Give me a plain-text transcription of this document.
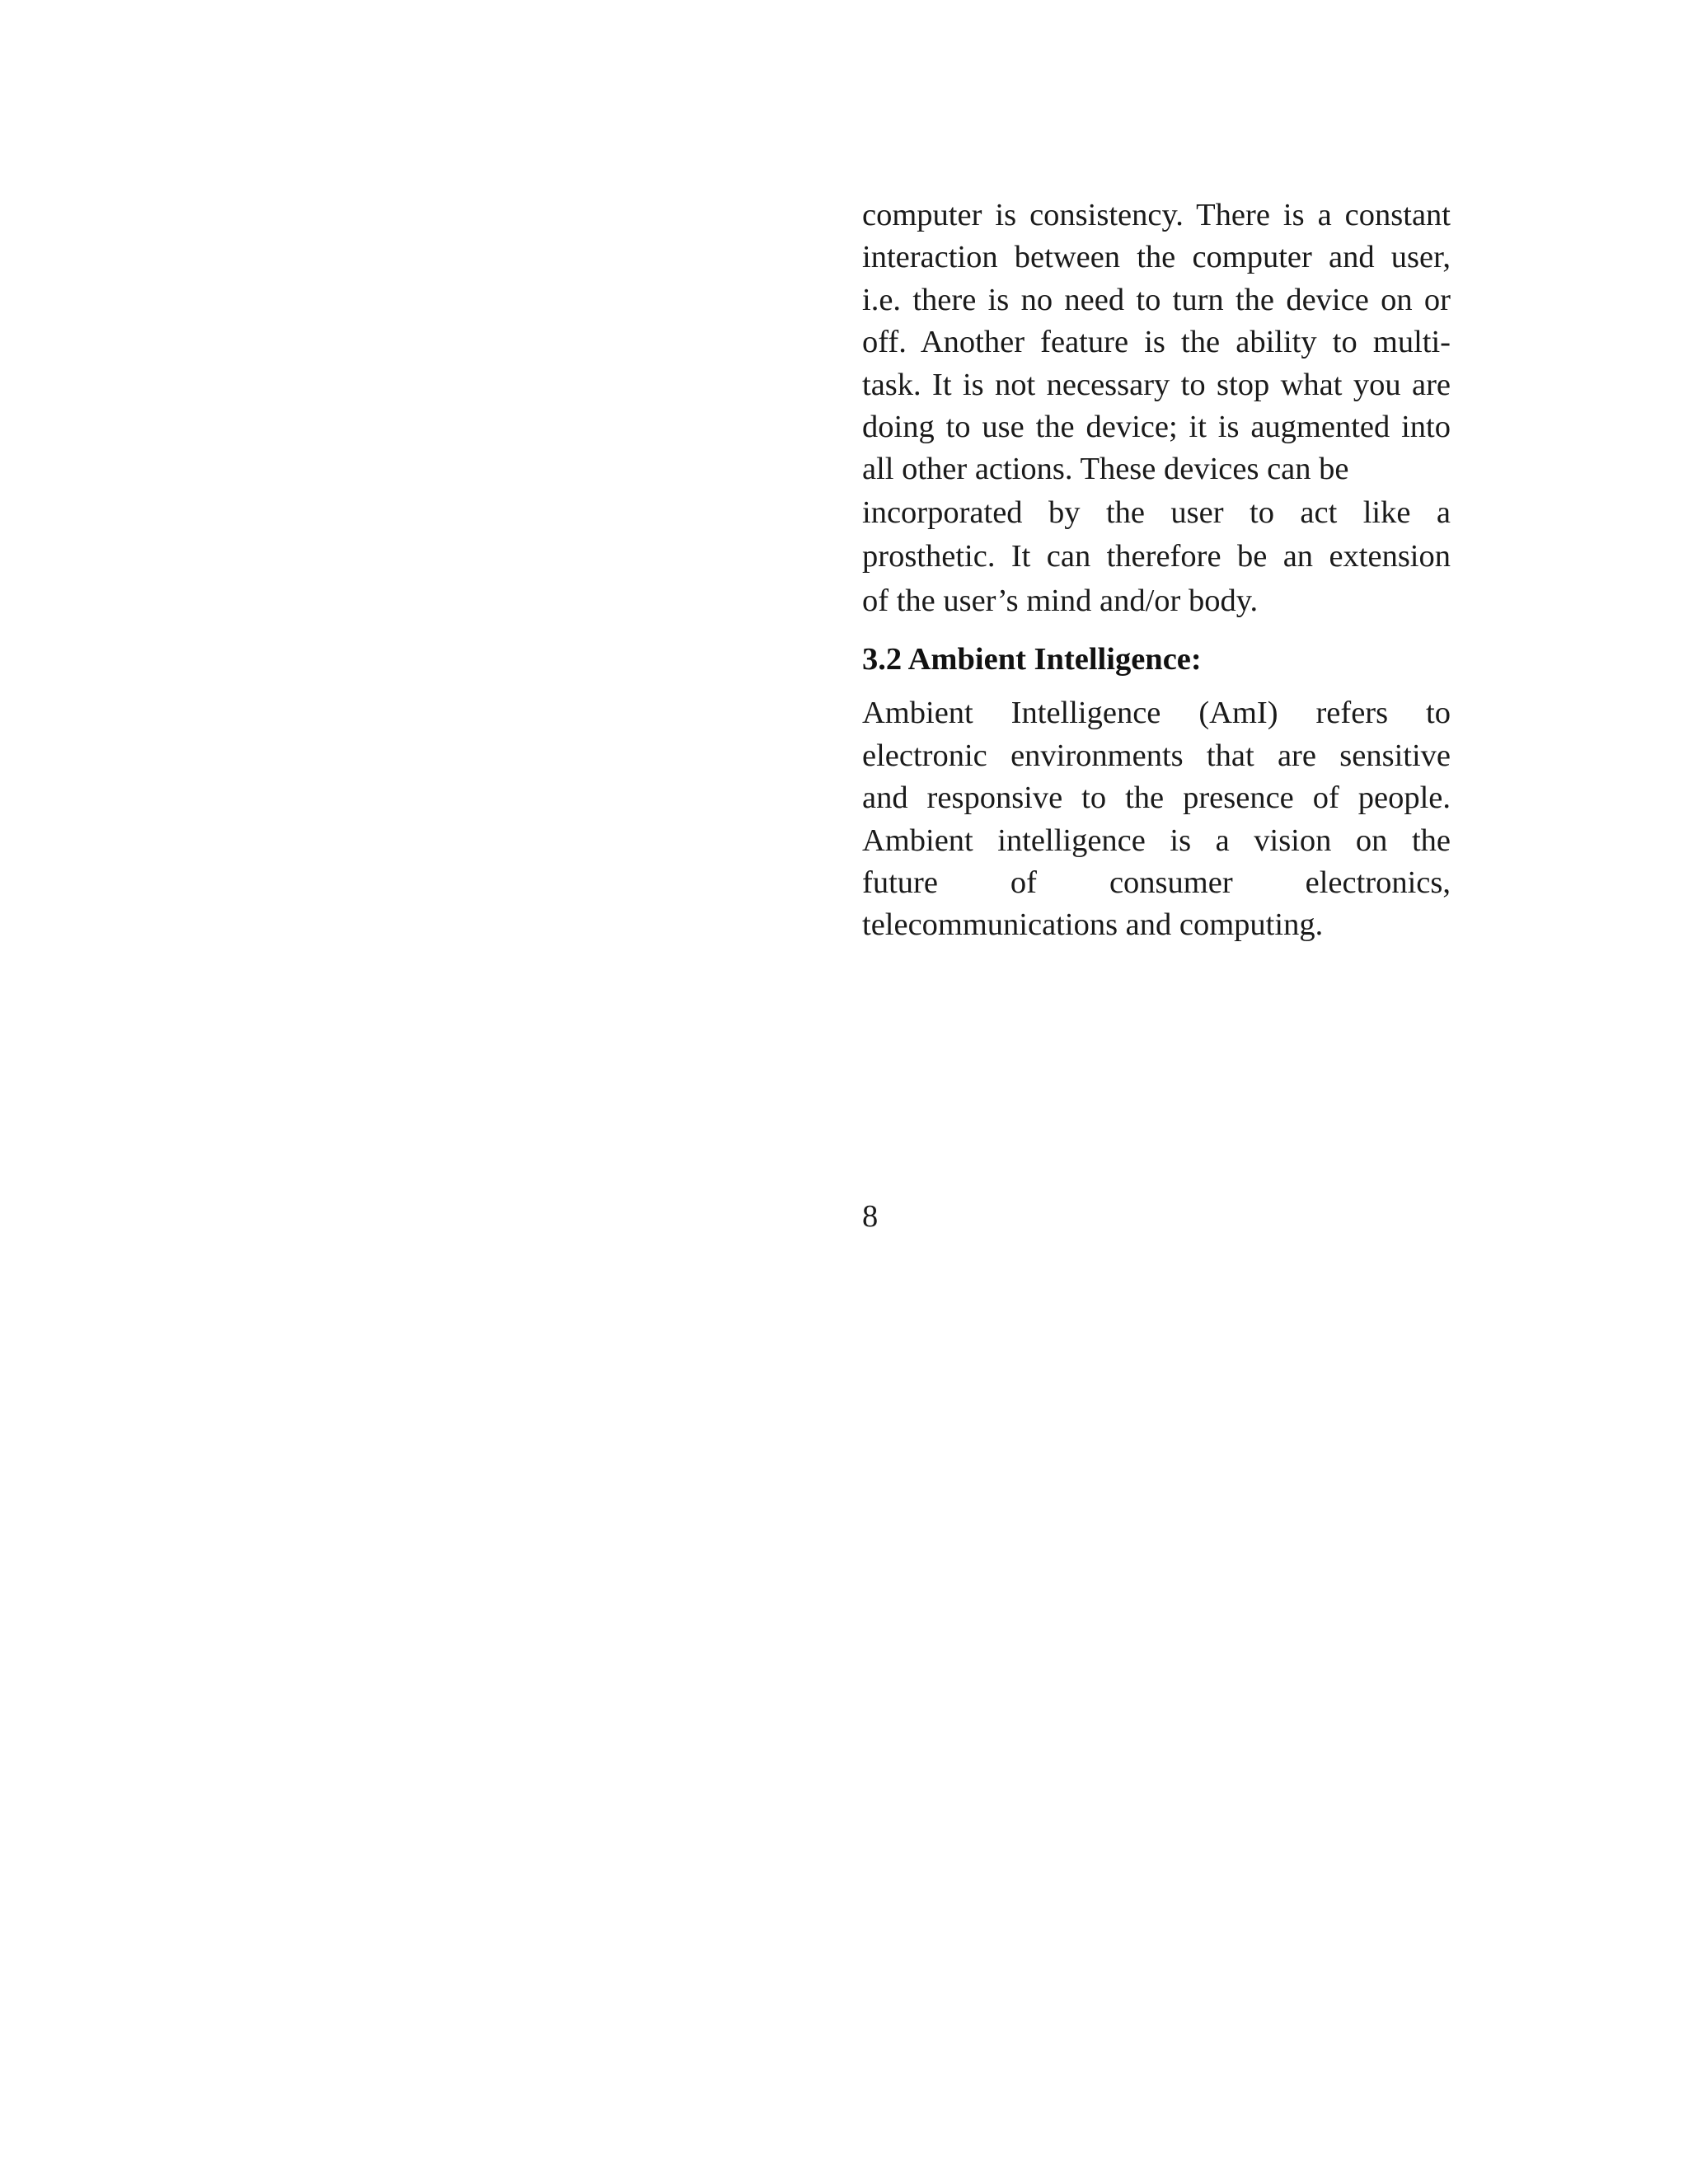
computer is consistency. There is a constant
interaction between the computer and user,
i.e. there is no need to turn the device on or
off. Another feature is the ability to multi-
task. It is not necessary to stop what you are
doing to use the device; it is augmented into
all other actions. These devices can be

incorporated by the user to act like a
prosthetic. It can therefore be an extension
of the user’s mind and/or body.

3.2 Ambient Intelligence:

Ambient Intelligence (AmI) refers to
electronic environments that are sensitive
and responsive to the presence of people.
Ambient intelligence is a vision on the
future of consumer electronics,
telecommunications and computing.

8
